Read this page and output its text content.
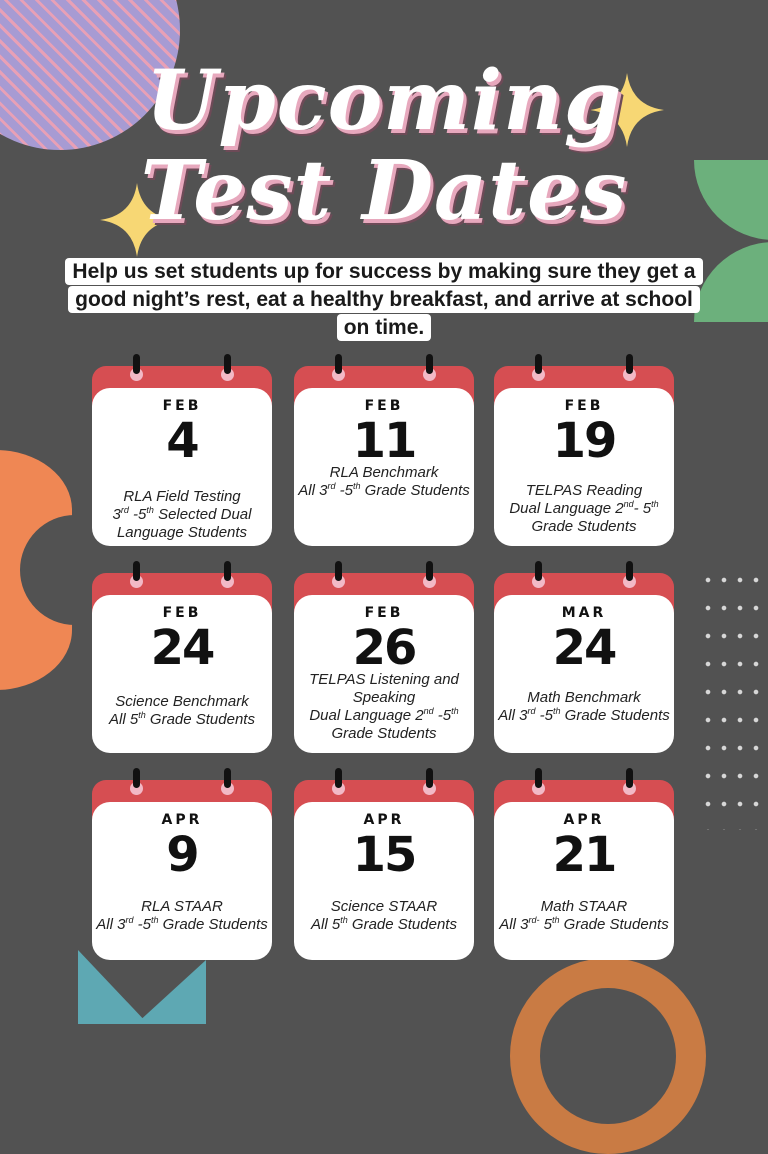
Upcoming
Test Dates
Help us set students up for success by making sure they get a good night’s rest, eat a healthy breakfast, and arrive at school on time.
FEB
4
RLA Field Testing
3rd -5th Selected Dual Language Students
FEB
11
RLA Benchmark
All 3rd -5th Grade Students
FEB
19
TELPAS Reading
Dual Language 2nd- 5th Grade Students
FEB
24
Science Benchmark
All 5th Grade Students
FEB
26
TELPAS Listening and Speaking
Dual Language 2nd -5th Grade Students
MAR
24
Math Benchmark
All 3rd -5th Grade Students
APR
9
RLA STAAR
All 3rd -5th Grade Students
APR
15
Science STAAR
All 5th Grade Students
APR
21
Math STAAR
All $3^{rd-}$ 5th Grade Students
